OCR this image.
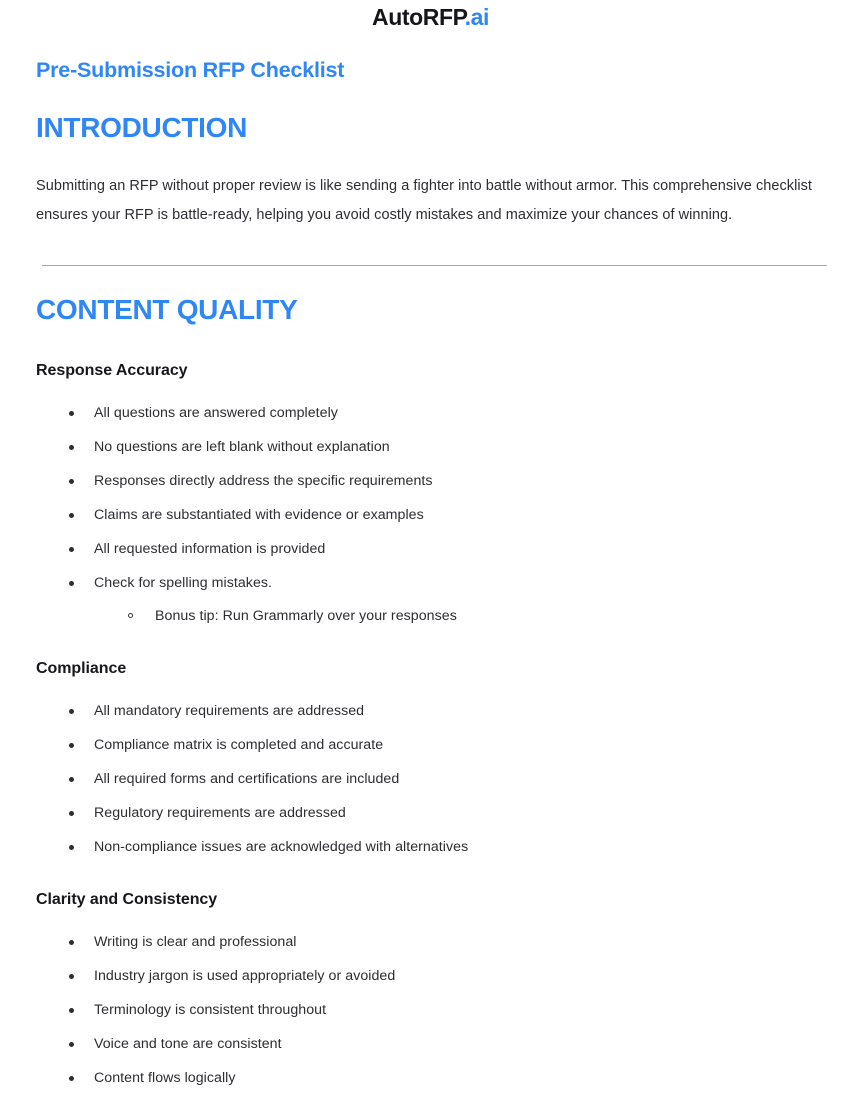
AutoRFP.ai
Pre-Submission RFP Checklist
INTRODUCTION

Submitting an RFP without proper review is like sending a fighter into battle without armor. This comprehensive checklist ensures your RFP is battle-ready, helping you avoid costly mistakes and maximize your chances of winning.

CONTENT QUALITY
Response Accuracy
All questions are answered completely
No questions are left blank without explanation
Responses directly address the specific requirements
Claims are substantiated with evidence or examples
All requested information is provided
Check for spelling mistakes.
Bonus tip: Run Grammarly over your responses
Compliance
All mandatory requirements are addressed
Compliance matrix is completed and accurate
All required forms and certifications are included
Regulatory requirements are addressed
Non-compliance issues are acknowledged with alternatives
Clarity and Consistency
Writing is clear and professional
Industry jargon is used appropriately or avoided
Terminology is consistent throughout
Voice and tone are consistent
Content flows logically
